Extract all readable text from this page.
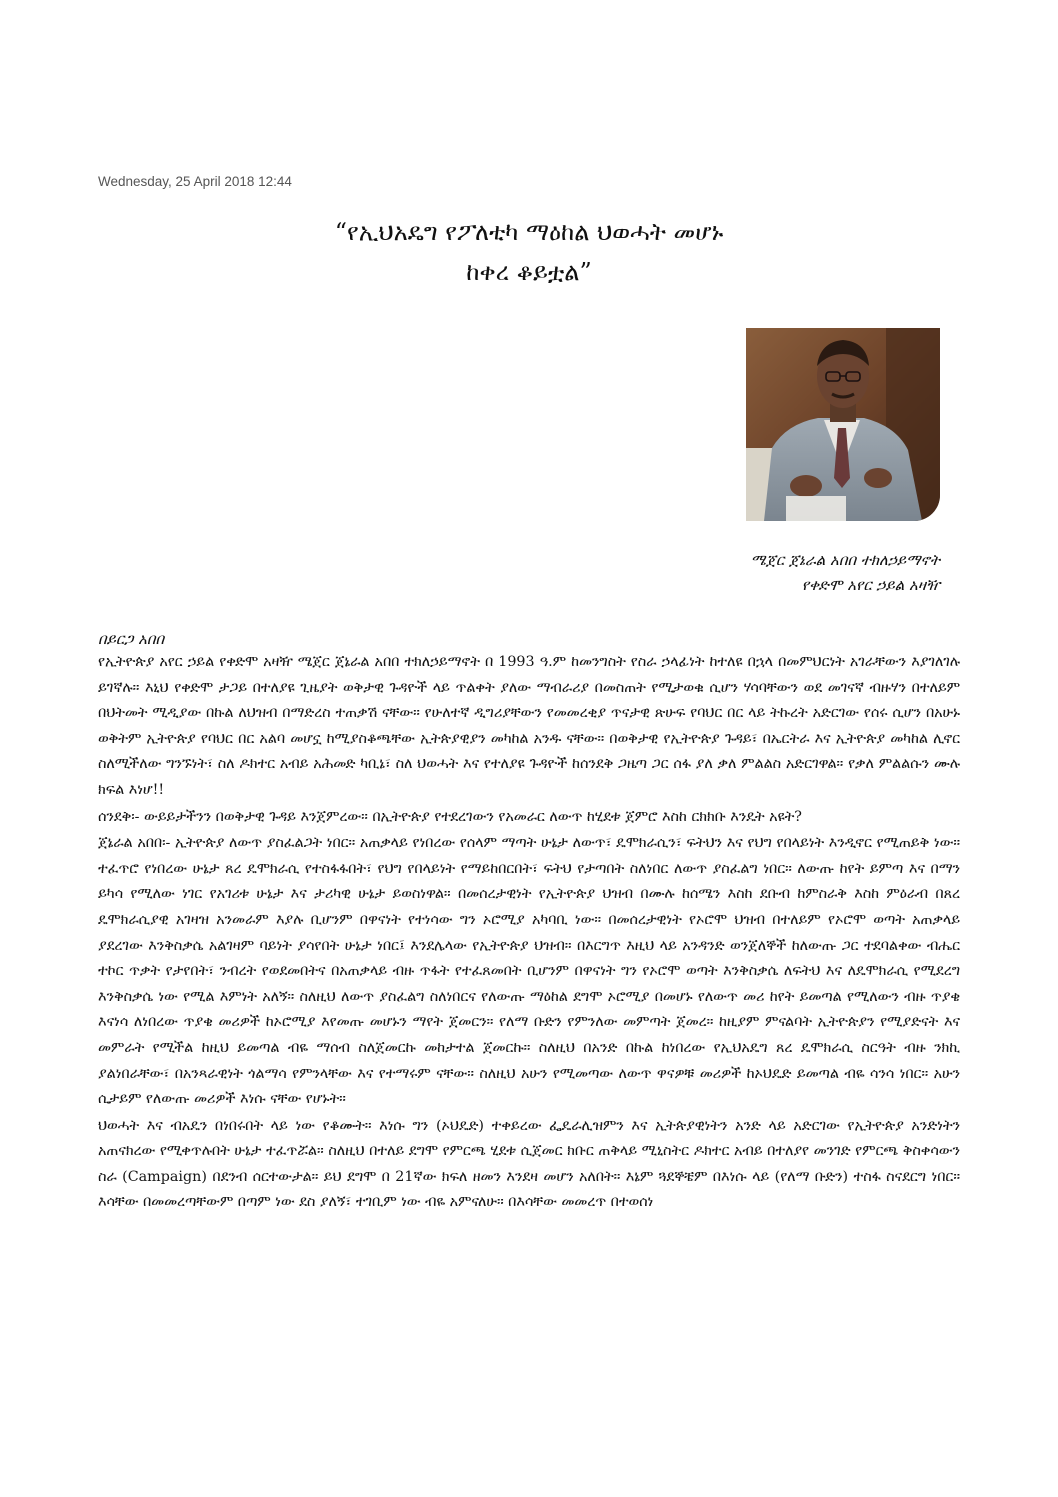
Wednesday, 25 April 2018 12:44
“የኢህአዴግ የፖለቲካ ማዕከል ህወሓት መሆኑ
ከቀረ ቆይቷል”
ሜጀር ጀኔራል አበበ ተክለኃይማኖት
የቀድሞ አየር ኃይል አዛዥ
በይርጋ አበበ

የኢትዮጵያ አየር ኃይል የቀድሞ አዛዥ ሜጀር ጀኔራል አበበ ተክለኃይማኖት በ 1993 ዓ.ም ከመንግስት የስራ ኃላፊነት ከተለዩ በኋላ በመምህርነት አገራቸውን እያገለገሉ ይገኛሉ። እኒህ የቀድሞ ታጋይ በተለያዩ ጊዜያት ወቅታዊ ጉዳዮች ላይ ጥልቀት ያለው ማብራሪያ በመስጠት የሚታወቁ ሲሆን ሃሳባቸውን ወደ መገናኛ ብዙሃን በተለይም በህትመት ሚዲያው በኩል ለህዝብ በማድረስ ተጠቃሽ ናቸው። የሁለተኛ ዲግሪያቸውን የመመረቂያ ጥናታዊ ጽሁፍ የባህር በር ላይ ትኩረት አድርገው የሰሩ ሲሆን በአሁኑ ወቅትም ኢትዮጵያ የባህር በር አልባ መሆኗ ከሚያስቆጫቸው ኢትጵያዊያን መካከል አንዱ ናቸው። በወቅታዊ የኢትዮጵያ ጉዳይ፣ በኤርትራ እና ኢትዮጵያ መካከል ሊኖር ስለሚችለው ግንኙነት፣ ስለ ዶክተር አብይ አሕመድ ካቢኔ፣ ስለ ህወሓት እና የተለያዩ ጉዳዮች ከሰንደቅ ጋዜጣ ጋር ሰፋ ያለ ቃለ ምልልስ አድርገዋል። የቃለ ምልልሱን ሙሉ ክፍል እነሆ!!

ሰንደቅ፡- ውይይታችንን በወቅታዊ ጉዳይ እንጀምረው። በኢትዮጵያ የተደረገውን የአመራር ለውጥ ከሂደቱ ጀምሮ እስከ ርክክቡ እንዴት አዩት?

ጀኔራል አበበ፡- ኢትዮጵያ ለውጥ ያስፈልጋት ነበር። አጠቃላይ የነበረው የሰላም ማጣት ሁኔታ ለውጥ፣ ዴሞክራሲን፣ ፍትህን እና የህግ የበላይነት እንዲኖር የሚጠይቅ ነው። ተፈጥሮ የነበረው ሁኔታ ጸረ ዴሞክራሲ የተስፋፋበት፣ የህግ የበላይነት የማይከበርበት፣ ፍትህ የታጣበት ስለነበር ለውጥ ያስፈልግ ነበር። ለውጡ ከየት ይምጣ እና በማን ይካሳ የሚለው ነገር የአገሪቱ ሁኔታ እና ታሪካዊ ሁኔታ ይወስነዋል። በመሰረታዊነት የኢትዮጵያ ህዝብ በሙሉ ከሰሜን እስከ ደቡብ ከምስራቅ እስከ ምዕራብ በጸረ ዴሞክራሲያዊ አገዛዝ አንመራም እያሉ ቢሆንም በዋናነት የተነሳው ግን ኦሮሚያ አካባቢ ነው። በመሰረታዊነት የኦሮሞ ህዝብ በተለይም የኦሮሞ ወጣት አጠቃላይ ያደረገው እንቅስቃሴ አልገዛም ባይነት ያሳየበት ሁኔታ ነበር፤ እንደሌላው የኢትዮጵያ ህዝብ። በእርግጥ እዚህ ላይ አንዳንድ ወንጀለኞች ከለውጡ ጋር ተደባልቀው ብሔር ተኮር ጥቃት የታየበት፣ ንብረት የወደመበትና በአጠቃላይ ብዙ ጥፋት የተፈጸመበት ቢሆንም በዋናነት ግን የኦሮሞ ወጣት እንቅስቃሴ ለፍትህ እና ለዴሞክራሲ የሚደረግ እንቅስቃሴ ነው የሚል እምነት አለኝ። ስለዚህ ለውጥ ያስፈልግ ስለነበርና የለውጡ ማዕከል ደግሞ ኦሮሚያ በመሆኑ የለውጥ መሪ ከየት ይመጣል የሚለውን ብዙ ጥያቄ እናነሳ ለነበረው ጥያቄ መሪዎች ከኦሮሚያ እየመጡ መሆኑን ማየት ጀመርን። የለማ ቡድን የምንለው መምጣት ጀመረ። ከዚያም ምናልባት ኢትዮጵያን የሚያድናት እና መምራት የሚችል ከዚህ ይመጣል ብዬ ማሰብ ስለጀመርኩ መከታተል ጀመርኩ። ስለዚህ በአንድ በኩል ከነበረው የኢህአዴግ ጸረ ዴሞክራሲ ስርዓት ብዙ ንክኪ ያልነበራቸው፣ በአንጻራዊነት ጎልማሳ የምንላቸው እና የተማሩም ናቸው። ስለዚህ አሁን የሚመጣው ለውጥ ዋናዎቹ መሪዎች ከኦህዴድ ይመጣል ብዬ ሳንሳ ነበር። አሁን ሲታይም የለውጡ መሪዎች እነሱ ናቸው የሆኑት።

ህወሓት እና ብአዴን በነበሩበት ላይ ነው የቆሙት። እነሱ ግን (ኦህዴድ) ተቀይረው ፌዴራሊዝምን እና ኢትጵያዊነትን አንድ ላይ አድርገው የኢትዮጵያ አንድነትን አጠናክረው የሚቀጥሉበት ሁኔታ ተፈጥሯል። ስለዚህ በተለይ ደግሞ የምርጫ ሂደቱ ሲጀመር ክቡር ጠቅላይ ሚኒስትር ዶክተር አብይ በተለያየ መንገድ የምርጫ ቅስቀሳውን ስራ (Campaign) በደንብ ሰርተውታል። ይህ ደግሞ በ 21ኛው ክፍለ ዘመን እንደዛ መሆን አለበት። እኔም ጓደኞቼም በእነሱ ላይ (የለማ ቡድን) ተስፋ ስናደርግ ነበር። እሳቸው በመመረጣቸውም በጣም ነው ደስ ያለኝ፣ ተገቢም ነው ብዬ አምናለሁ። በእሳቸው መመረጥ በተወሰነ
